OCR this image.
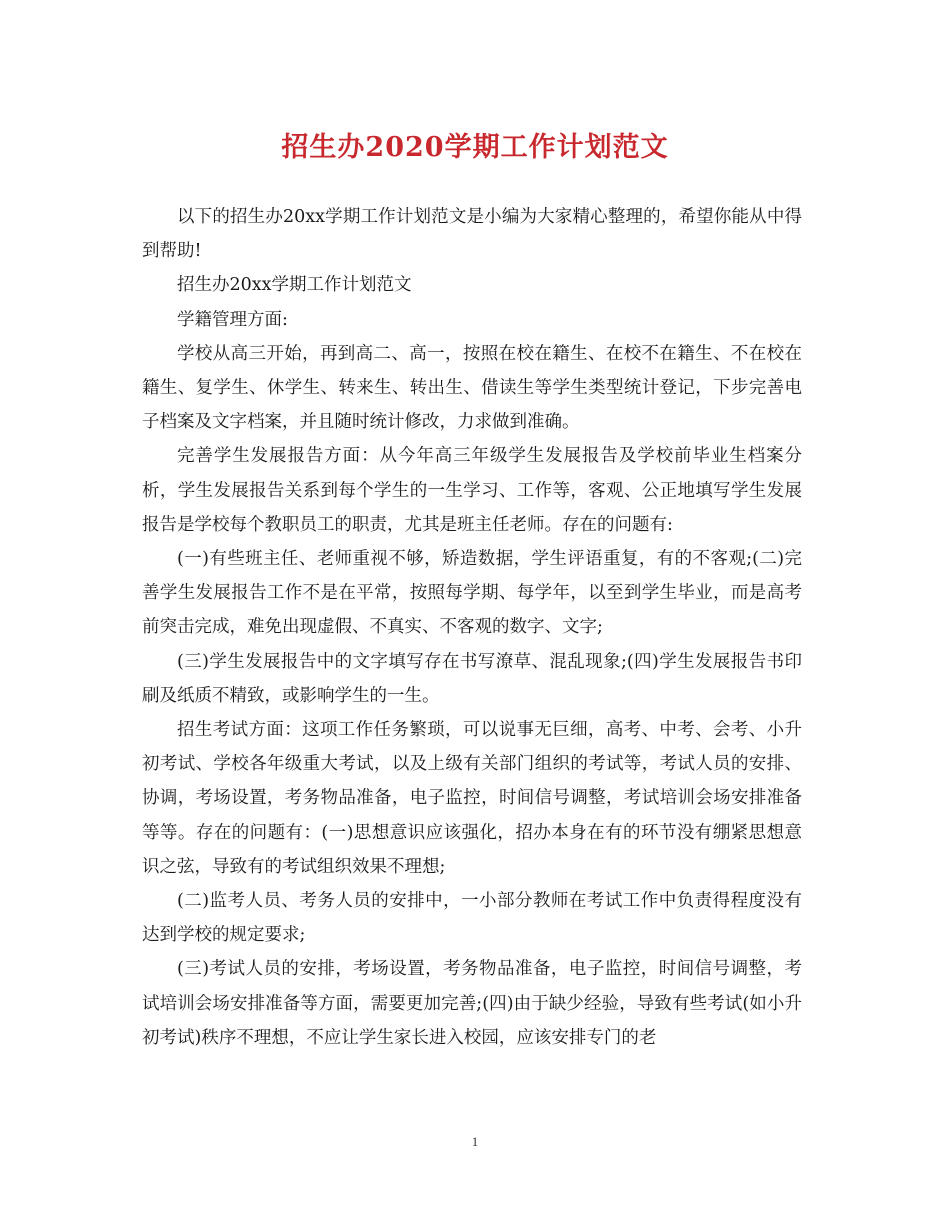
招生办2020学期工作计划范文

以下的招生办20xx学期工作计划范文是小编为大家精心整理的，希望你能从中得到帮助!

招生办20xx学期工作计划范文

学籍管理方面:

学校从高三开始，再到高二、高一，按照在校在籍生、在校不在籍生、不在校在籍生、复学生、休学生、转来生、转出生、借读生等学生类型统计登记，下步完善电子档案及文字档案，并且随时统计修改，力求做到准确。

完善学生发展报告方面：从今年高三年级学生发展报告及学校前毕业生档案分析，学生发展报告关系到每个学生的一生学习、工作等，客观、公正地填写学生发展报告是学校每个教职员工的职责，尤其是班主任老师。存在的问题有:

(一)有些班主任、老师重视不够，矫造数据，学生评语重复，有的不客观;(二)完善学生发展报告工作不是在平常，按照每学期、每学年，以至到学生毕业，而是高考前突击完成，难免出现虚假、不真实、不客观的数字、文字;

(三)学生发展报告中的文字填写存在书写潦草、混乱现象;(四)学生发展报告书印刷及纸质不精致，或影响学生的一生。

招生考试方面：这项工作任务繁琐，可以说事无巨细，高考、中考、会考、小升初考试、学校各年级重大考试，以及上级有关部门组织的考试等，考试人员的安排、协调，考场设置，考务物品准备，电子监控，时间信号调整，考试培训会场安排准备等等。存在的问题有：(一)思想意识应该强化，招办本身在有的环节没有绷紧思想意识之弦，导致有的考试组织效果不理想;

(二)监考人员、考务人员的安排中，一小部分教师在考试工作中负责得程度没有达到学校的规定要求;

(三)考试人员的安排，考场设置，考务物品准备，电子监控，时间信号调整，考试培训会场安排准备等方面，需要更加完善;(四)由于缺少经验，导致有些考试(如小升初考试)秩序不理想，不应让学生家长进入校园，应该安排专门的老

1
